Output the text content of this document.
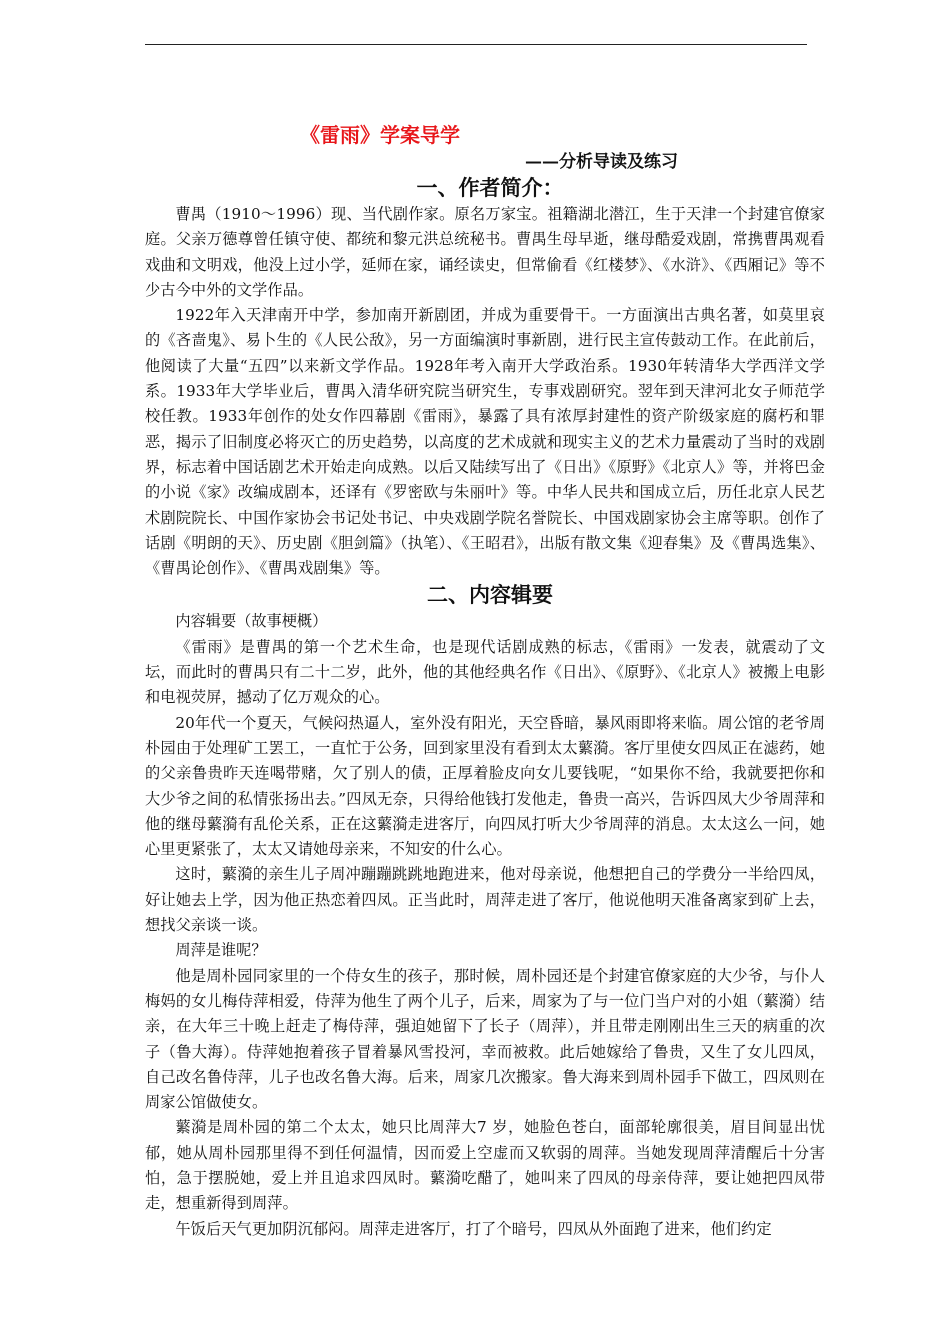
《雷雨》学案导学
——分析导读及练习
一、作者简介：

曹禺（1910～1996）现、当代剧作家。原名万家宝。祖籍湖北潜江，生于天津一个封建官僚家庭。父亲万德尊曾任镇守使、都统和黎元洪总统秘书。曹禺生母早逝，继母酷爱戏剧，常携曹禺观看戏曲和文明戏，他没上过小学，延师在家，诵经读史，但常偷看《红楼梦》、《水浒》、《西厢记》等不少古今中外的文学作品。

1922年入天津南开中学，参加南开新剧团，并成为重要骨干。一方面演出古典名著，如莫里哀的《吝啬鬼》、易卜生的《人民公敌》，另一方面编演时事新剧，进行民主宣传鼓动工作。在此前后，他阅读了大量“五四”以来新文学作品。1928年考入南开大学政治系。1930年转清华大学西洋文学系。1933年大学毕业后，曹禺入清华研究院当研究生，专事戏剧研究。翌年到天津河北女子师范学校任教。1933年创作的处女作四幕剧《雷雨》，暴露了具有浓厚封建性的资产阶级家庭的腐朽和罪恶，揭示了旧制度必将灭亡的历史趋势，以高度的艺术成就和现实主义的艺术力量震动了当时的戏剧界，标志着中国话剧艺术开始走向成熟。以后又陆续写出了《日出》《原野》《北京人》等，并将巴金的小说《家》改编成剧本，还译有《罗密欧与朱丽叶》等。中华人民共和国成立后，历任北京人民艺术剧院院长、中国作家协会书记处书记、中央戏剧学院名誉院长、中国戏剧家协会主席等职。创作了话剧《明朗的天》、历史剧《胆剑篇》（执笔）、《王昭君》，出版有散文集《迎春集》及《曹禺选集》、《曹禺论创作》、《曹禺戏剧集》等。

二、内容辑要

内容辑要（故事梗概）

《雷雨》是曹禺的第一个艺术生命，也是现代话剧成熟的标志，《雷雨》一发表，就震动了文坛，而此时的曹禺只有二十二岁，此外，他的其他经典名作《日出》、《原野》、《北京人》被搬上电影和电视荧屏，撼动了亿万观众的心。

20年代一个夏天，气候闷热逼人，室外没有阳光，天空昏暗，暴风雨即将来临。周公馆的老爷周朴园由于处理矿工罢工，一直忙于公务，回到家里没有看到太太蘩漪。客厅里使女四凤正在滤药，她的父亲鲁贵昨天连喝带赌，欠了别人的债，正厚着脸皮向女儿要钱呢，“如果你不给，我就要把你和大少爷之间的私情张扬出去。”四凤无奈，只得给他钱打发他走，鲁贵一高兴，告诉四凤大少爷周萍和他的继母蘩漪有乱伦关系，正在这蘩漪走进客厅，向四凤打听大少爷周萍的消息。太太这么一问，她心里更紧张了，太太又请她母亲来，不知安的什么心。

这时，蘩漪的亲生儿子周冲蹦蹦跳跳地跑进来，他对母亲说，他想把自己的学费分一半给四凤，好让她去上学，因为他正热恋着四凤。正当此时，周萍走进了客厅，他说他明天准备离家到矿上去，想找父亲谈一谈。

周萍是谁呢？

他是周朴园同家里的一个侍女生的孩子，那时候，周朴园还是个封建官僚家庭的大少爷，与仆人梅妈的女儿梅侍萍相爱，侍萍为他生了两个儿子，后来，周家为了与一位门当户对的小姐（蘩漪）结亲，在大年三十晚上赶走了梅侍萍，强迫她留下了长子（周萍），并且带走刚刚出生三天的病重的次子（鲁大海）。侍萍她抱着孩子冒着暴风雪投河，幸而被救。此后她嫁给了鲁贵，又生了女儿四凤，自己改名鲁侍萍，儿子也改名鲁大海。后来，周家几次搬家。鲁大海来到周朴园手下做工，四凤则在周家公馆做使女。

蘩漪是周朴园的第二个太太，她只比周萍大7 岁，她脸色苍白，面部轮廓很美，眉目间显出忧郁，她从周朴园那里得不到任何温情，因而爱上空虚而又软弱的周萍。当她发现周萍清醒后十分害怕，急于摆脱她，爱上并且追求四凤时。蘩漪吃醋了，她叫来了四凤的母亲侍萍，要让她把四凤带走，想重新得到周萍。

午饭后天气更加阴沉郁闷。周萍走进客厅，打了个暗号，四凤从外面跑了进来，他们约定
